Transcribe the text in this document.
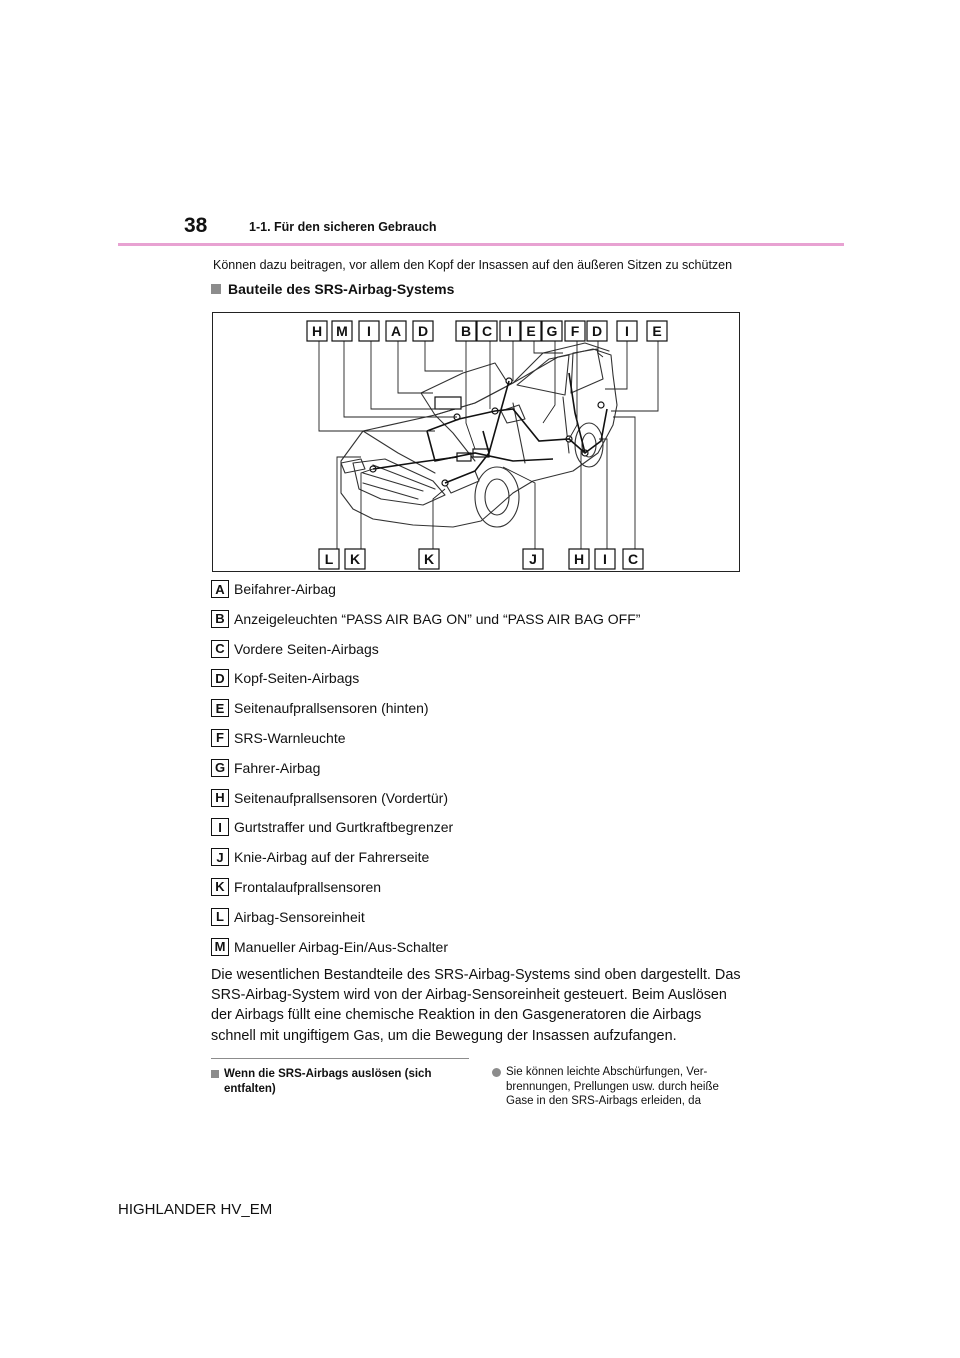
38	1-1. Für den sicheren Gebrauch
Können dazu beitragen, vor allem den Kopf der Insassen auf den äußeren Sitzen zu schützen
Bauteile des SRS-Airbag-Systems
H M I A D B C I E G F D I E
L K	K	J	H I C
A Beifahrer-Airbag
B Anzeigeleuchten “PASS AIR BAG ON” und “PASS AIR BAG OFF”
C Vordere Seiten-Airbags
D Kopf-Seiten-Airbags
E Seitenaufprallsensoren (hinten)
F SRS-Warnleuchte
G Fahrer-Airbag
H Seitenaufprallsensoren (Vordertür)
I Gurtstraffer und Gurtkraftbegrenzer
J Knie-Airbag auf der Fahrerseite
K Frontalaufprallsensoren
L Airbag-Sensoreinheit
M Manueller Airbag-Ein/Aus-Schalter

Die wesentlichen Bestandteile des SRS-Airbag-Systems sind oben dargestellt. Das

SRS-Airbag-System wird von der Airbag-Sensoreinheit gesteuert. Beim Auslösen

der Airbags füllt eine chemische Reaktion in den Gasgeneratoren die Airbags

schnell mit ungiftigem Gas, um die Bewegung der Insassen aufzufangen.

Wenn die SRS-Airbags auslösen (sich
entfalten)
Sie können leichte Abschürfungen, Ver-
brennungen, Prellungen usw. durch heiße
Gase in den SRS-Airbags erleiden, da
HIGHLANDER HV_EM
